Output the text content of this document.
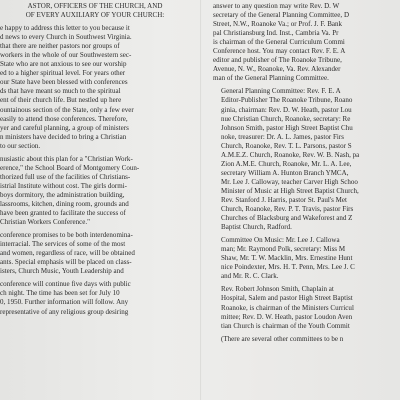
ASTOR, OFFICERS OF THE CHURCH, AND
OF EVERY AUXILIARY OF YOUR CHURCH:
e happy to address this letter to you because it
d news to every Church in Southwest Virginia.
that there are neither pastors nor groups of
workers in the whole of our Southwestern sec-
State who are not anxious to see our worship
ed to a higher spiritual level. For years other
our State have been blessed with conferences
ds that have meant so much to the spiritual
ent of their church life. But nestled up here
ountainous section of the State, only a few ever
easily to attend those conferences. Therefore,
yer and careful planning, a group of ministers
n ministers have decided to bring a Christian
to our section.
nusiastic about this plan for a "Christian Work-
erence," the School Board of Montgomery Coun-
thorized full use of the facilities of Christians-
istrial Institute without cost. The girls dormi-
boys dormitory, the administration building,
lassrooms, kitchen, dining room, grounds and
have been granted to facilitate the success of
Christian Workers Conference."
conference promises to be both interdenomina-
interracial. The services of some of the most
and women, regardless of race, will be obtained
ants. Special emphasis will be placed on class-
isters, Church Music, Youth Leadership and
conference will continue five days with public
ch night. The time has been set for July 10
0, 1950. Further information will follow. Any
representative of any religious group desiring
answer to any question may write Rev. D. W
secretary of the General Planning Committee, D
Street, N.W., Roanoke Va.; or Prof. J. F. Bank
pal Christiansburg Ind. Inst., Cambria Va. Pr
is chairman of the General Curriculum Commi
Conference host. You may contact Rev. F. E. A
editor and publisher of The Roanoke Tribune,
Avenue, N. W., Roanoke, Va. Rev. Alexander
man of the General Planning Committee.
General Planning Committee: Rev. F. E. A
Editor-Publisher The Roanoke Tribune, Roano
ginia, chairman: Rev. D. W. Heath, pastor Lou
nue Christian Church, Roanoke, secretary: Re
Johnson Smith, pastor High Street Baptist Chu
noke, treasurer: Dr. A. L. James, pastor Firs
Church, Roanoke, Rev. T. L. Parsons, pastor S
A.M.E.Z. Church, Roanoke, Rev. W. B. Nash, pa
Zion A.M.E. Church, Roanoke, Mr. L. A. Lee,
secretary William A. Hunton Branch YMCA,
Mr. Lee J. Calloway, teacher Carver High Schoo
Minister of Music at High Street Baptist Church,
Rev. Stanford J. Harris, pastor St. Paul's Met
Church, Roanoke, Rev. P. T. Travis, pastor Firs
Churches of Blacksburg and Wakeforest and Z
Baptist Church, Radford.
Committee On Music: Mr. Lee J. Callowa
man; Mr. Raymond Polk, secretary: Miss M
Shaw, Mr. T. W. Macklin, Mrs. Ernestine Hunt
nice Poindexter, Mrs. H. T. Penn, Mrs. Lee J. C
and Mr. R. C. Clark.
Rev. Robert Johnson Smith, Chaplain at
Hospital, Salem and pastor High Street Baptist
Roanoke, is chairman of the Ministers Curricul
mittee; Rev. D. W. Heath, pastor Loudon Aven
tian Church is chairman of the Youth Commit
(There are several other committees to be n
